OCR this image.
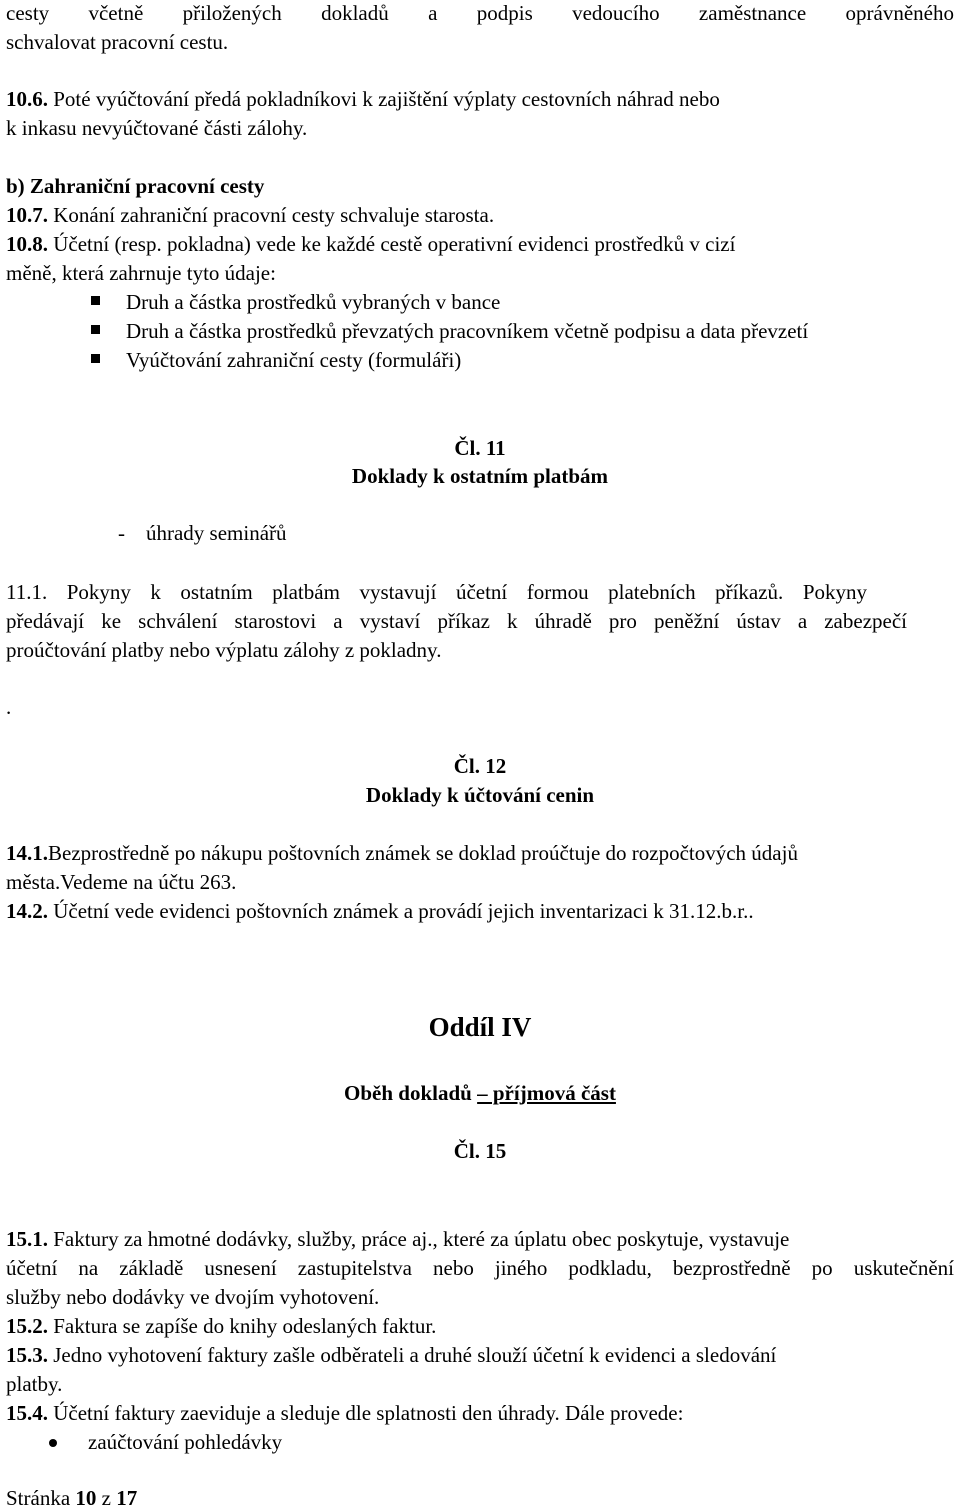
cesty včetně přiložených dokladů a podpis vedoucího zaměstnance oprávněného
schvalovat pracovní cestu.
10.6. Poté vyúčtování předá pokladníkovi k zajištění výplaty cestovních náhrad nebo
k inkasu nevyúčtované části zálohy.
b) Zahraniční pracovní cesty
10.7. Konání zahraniční pracovní cesty schvaluje starosta.
10.8. Účetní (resp. pokladna) vede ke každé cestě operativní evidenci prostředků v cizí
měně, která zahrnuje tyto údaje:
Druh a částka prostředků vybraných v bance
Druh a částka prostředků převzatých pracovníkem včetně podpisu a data převzetí
Vyúčtování zahraniční cesty (formuláři)
Čl. 11
Doklady k ostatním platbám
-    úhrady seminářů
11.1. Pokyny k ostatním platbám vystavují účetní formou platebních příkazů. Pokyny
předávají ke schválení starostovi a vystaví příkaz k úhradě pro peněžní ústav a zabezpečí
proúčtování platby nebo výplatu zálohy z pokladny.
.
Čl. 12
Doklady k účtování cenin
14.1.Bezprostředně po nákupu poštovních známek se doklad proúčtuje do rozpočtových údajů
města.Vedeme na účtu 263.
14.2. Účetní vede evidenci poštovních známek a provádí jejich inventarizaci k 31.12.b.r..
Oddíl IV
Oběh dokladů – příjmová část
Čl. 15
15.1. Faktury za hmotné dodávky, služby, práce aj., které za úplatu obec poskytuje, vystavuje
účetní na základě usnesení zastupitelstva nebo jiného podkladu, bezprostředně po uskutečnění
služby nebo dodávky ve dvojím vyhotovení.
15.2. Faktura se zapíše do knihy odeslaných faktur.
15.3. Jedno vyhotovení faktury zašle odběrateli a druhé slouží účetní k evidenci a sledování
platby.
15.4. Účetní faktury zaeviduje a sleduje dle splatnosti den úhrady. Dále provede:
zaúčtování pohledávky
Stránka 10 z 17
